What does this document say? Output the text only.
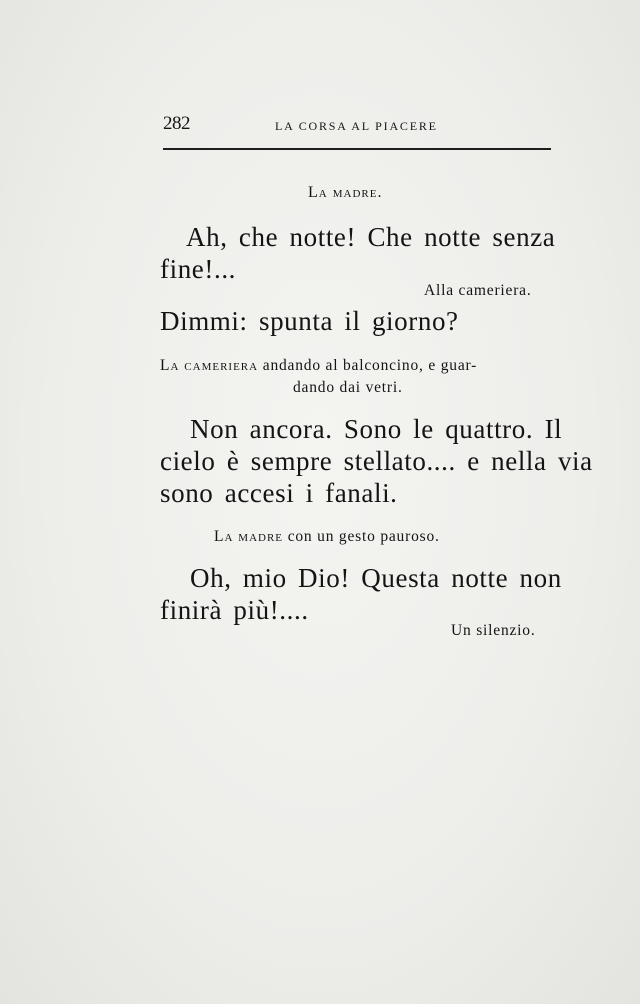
282	LA CORSA AL PIACERE
La madre.
Ah, che notte! Che notte senza
fine!...
Alla cameriera.
Dimmi: spunta il giorno?
La cameriera andando al balconcino, e guar-
dando dai vetri.
Non ancora. Sono le quattro. Il
cielo è sempre stellato.... e nella via
sono accesi i fanali.
La madre con un gesto pauroso.
Oh, mio Dio! Questa notte non
finirà più!....
Un silenzio.
